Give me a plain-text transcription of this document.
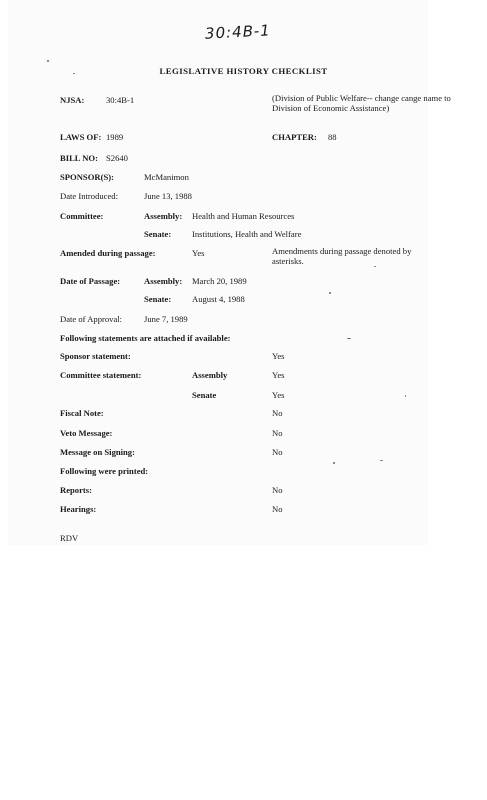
30:4B-1
LEGISLATIVE HISTORY CHECKLIST
NJSA:	30:4B-1	(Division of Public Welfare-- change cange name to Division of Economic Assistance)
LAWS OF: 1989	CHAPTER: 88
BILL NO: S2640
SPONSOR(S):	McManimon
Date Introduced:	June 13, 1988
Committee:	Assembly: Health and Human Resources
Senate: Institutions, Health and Welfare
Amended during passage:	Yes	Amendments during passage denoted by asterisks.
Date of Passage:	Assembly: March 20, 1989
Senate: August 4, 1988
Date of Approval:	June 7, 1989
Following statements are attached if available:
Sponsor statement:	Yes
Committee statement:	Assembly	Yes
Senate	Yes
Fiscal Note:	No
Veto Message:	No
Message on Signing:	No
Following were printed:
Reports:	No
Hearings:	No
RDV
